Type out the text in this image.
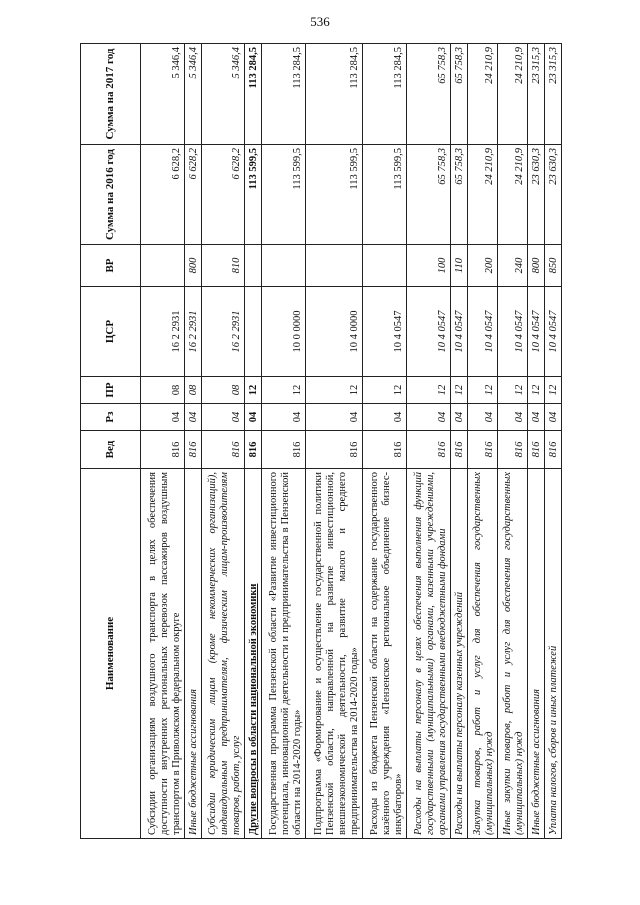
536
Наименование	Вед	Рз	ПР	ЦСР	ВР	Сумма на 2016 год	Сумма на 2017 год
Субсидии организациям воздушного транспорта в целях обеспечения доступности внутренних региональных перевозок пассажиров воздушным транспортом в Приволжском федеральном округе	816	04	08	16 2 2931		6 628,2	5 346,4
Иные бюджетные ассигнования	816	04	08	16 2 2931	800	6 628,2	5 346,4
Субсидии юридическим лицам (кроме некоммерческих организаций), индивидуальным предпринимателям, физическим лицам-производителям товаров, работ, услуг	816	04	08	16 2 2931	810	6 628,2	5 346,4
Другие вопросы в области национальной экономики	816	04	12			113 599,5	113 284,5
Государственная программа Пензенской области «Развитие инвестиционного потенциала, инновационной деятельности и предпринимательства в Пензенской области на 2014-2020 годы»	816	04	12	10 0 0000		113 599,5	113 284,5
Подпрограмма «Формирование и осуществление государственной политики Пензенской области, направленной на развитие инвестиционной, внешнеэкономической деятельности, развитие малого и среднего предпринимательства на 2014-2020 годы»	816	04	12	10 4 0000		113 599,5	113 284,5
Расходы из бюджета Пензенской области на содержание государственного казённого учреждения «Пензенское региональное объединение бизнес-инкубаторов»	816	04	12	10 4 0547		113 599,5	113 284,5
Расходы на выплаты персоналу в целях обеспечения выполнения функций государственными (муниципальными) органами, казенными учреждениями, органами управления государственными внебюджетными фондами	816	04	12	10 4 0547	100	65 758,3	65 758,3
Расходы на выплаты персоналу казенных учреждений	816	04	12	10 4 0547	110	65 758,3	65 758,3
Закупка товаров, работ и услуг для обеспечения государственных (муниципальных) нужд	816	04	12	10 4 0547	200	24 210,9	24 210,9
Иные закупки товаров, работ и услуг для обеспечения государственных (муниципальных) нужд	816	04	12	10 4 0547	240	24 210,9	24 210,9
Иные бюджетные ассигнования	816	04	12	10 4 0547	800	23 630,3	23 315,3
Уплата налогов, сборов и иных платежей	816	04	12	10 4 0547	850	23 630,3	23 315,3
